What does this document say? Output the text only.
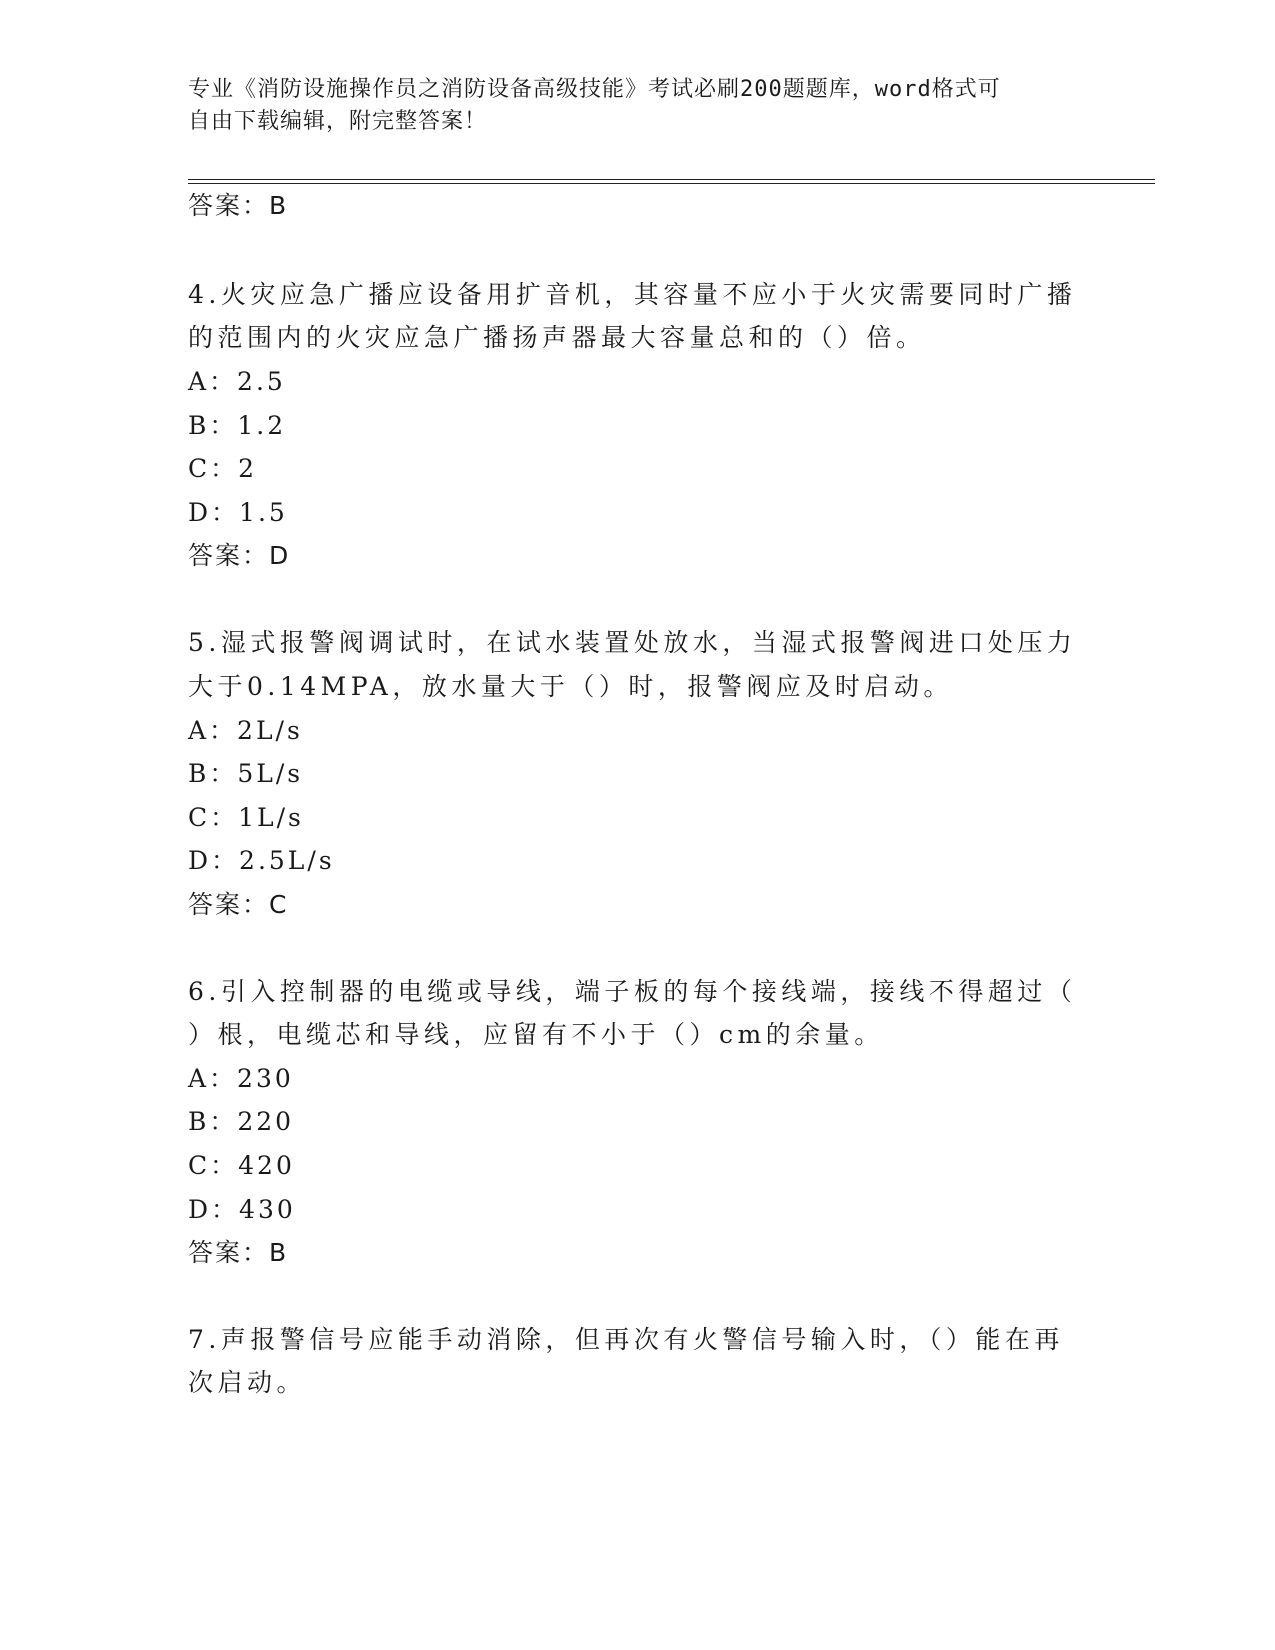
专业《消防设施操作员之消防设备高级技能》考试必刷200题题库，word格式可
自由下载编辑，附完整答案！
答案：B
4.火灾应急广播应设备用扩音机，其容量不应小于火灾需要同时广播
的范围内的火灾应急广播扬声器最大容量总和的（）倍。
A：2.5
B：1.2
C：2
D：1.5
答案：D
5.湿式报警阀调试时，在试水装置处放水，当湿式报警阀进口处压力
大于0.14MPA，放水量大于（）时，报警阀应及时启动。
A：2L/s
B：5L/s
C：1L/s
D：2.5L/s
答案：C
6.引入控制器的电缆或导线，端子板的每个接线端，接线不得超过（
）根，电缆芯和导线，应留有不小于（）cm的余量。
A：230
B：220
C：420
D：430
答案：B
7.声报警信号应能手动消除，但再次有火警信号输入时，（）能在再
次启动。
